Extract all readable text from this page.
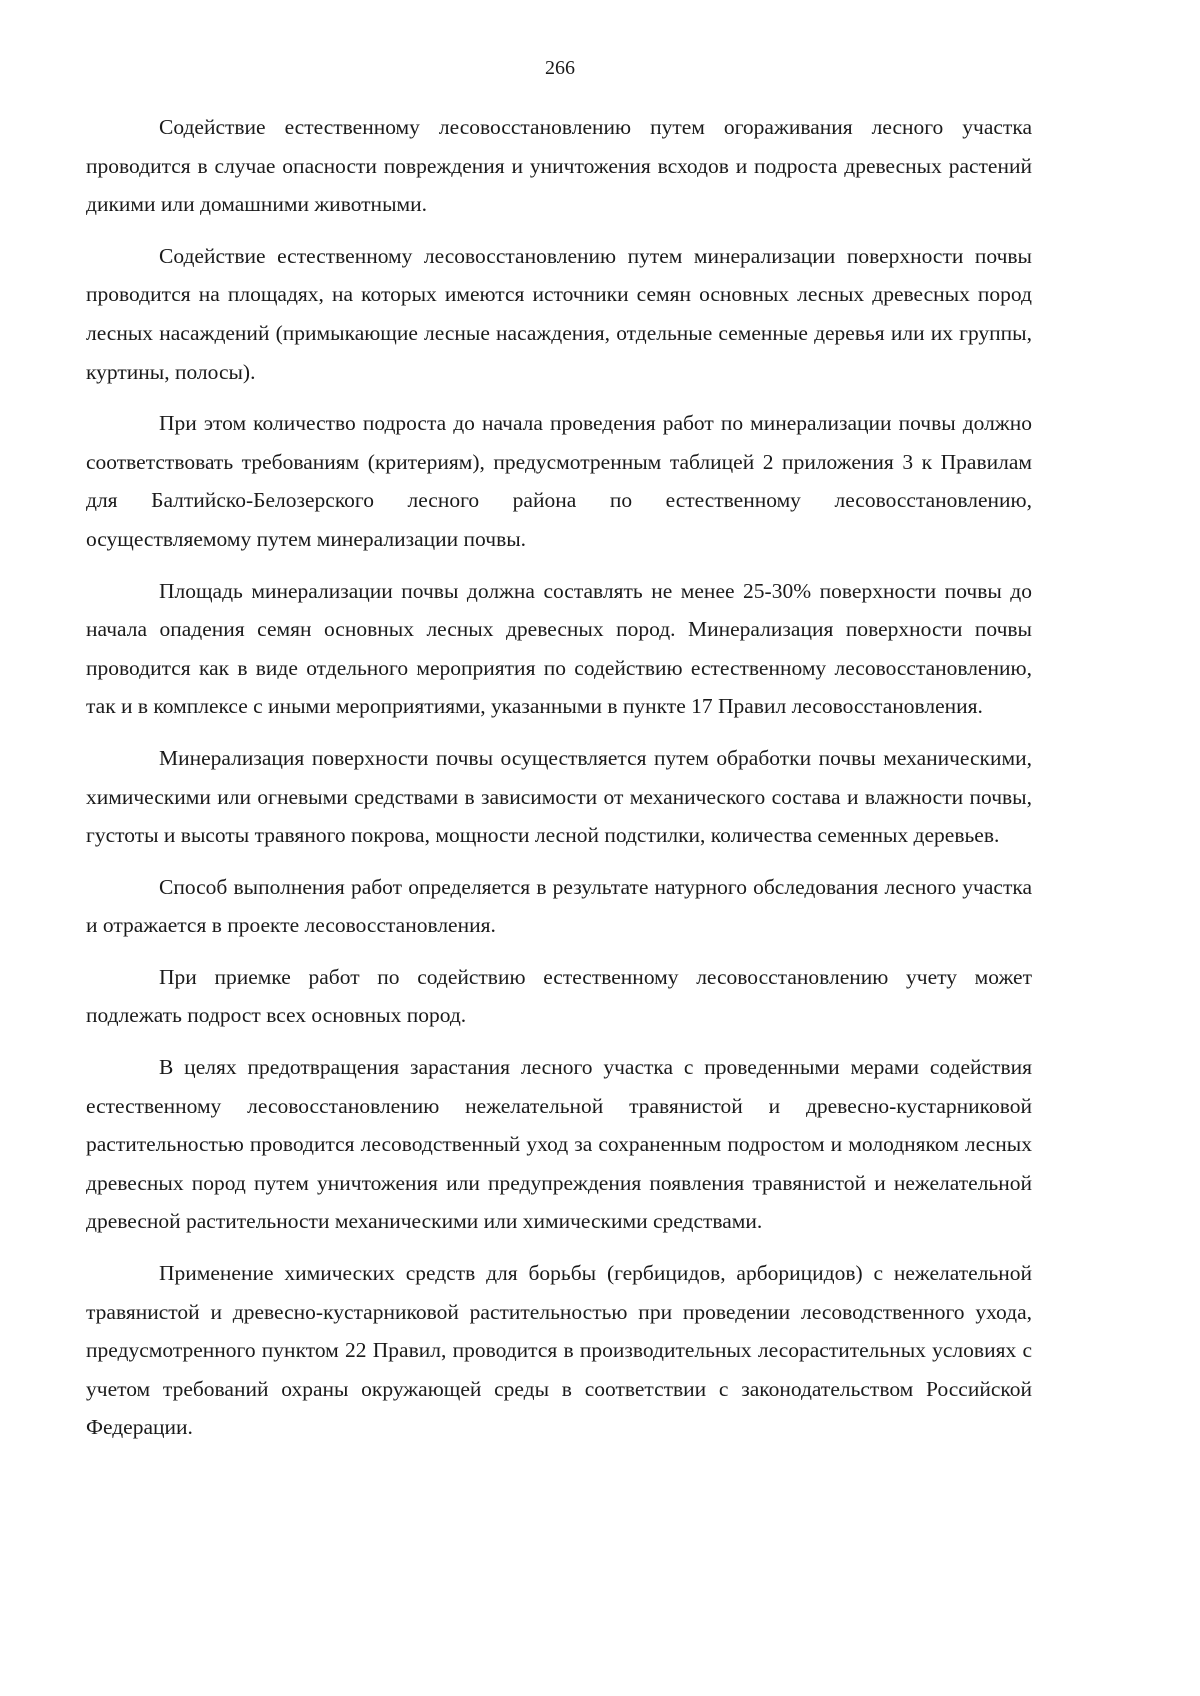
266

Содействие естественному лесовосстановлению путем огораживания лесного участка проводится в случае опасности повреждения и уничтожения всходов и подроста древесных растений дикими или домашними животными.

Содействие естественному лесовосстановлению путем минерализации поверхности почвы проводится на площадях, на которых имеются источники семян основных лесных древесных пород лесных насаждений (примыкающие лесные насаждения, отдельные семенные деревья или их группы, куртины, полосы).

При этом количество подроста до начала проведения работ по минерализации почвы должно соответствовать требованиям (критериям), предусмотренным таблицей 2 приложения 3 к Правилам для Балтийско-Белозерского лесного района по естественному лесовосстановлению, осуществляемому путем минерализации почвы.

Площадь минерализации почвы должна составлять не менее 25-30% поверхности почвы до начала опадения семян основных лесных древесных пород. Минерализация поверхности почвы проводится как в виде отдельного мероприятия по содействию естественному лесовосстановлению, так и в комплексе с иными мероприятиями, указанными в пункте 17 Правил лесовосстановления.

Минерализация поверхности почвы осуществляется путем обработки почвы механическими, химическими или огневыми средствами в зависимости от механического состава и влажности почвы, густоты и высоты травяного покрова, мощности лесной подстилки, количества семенных деревьев.

Способ выполнения работ определяется в результате натурного обследования лесного участка и отражается в проекте лесовосстановления.

При приемке работ по содействию естественному лесовосстановлению учету может подлежать подрост всех основных пород.

В целях предотвращения зарастания лесного участка с проведенными мерами содействия естественному лесовосстановлению нежелательной травянистой и древесно-кустарниковой растительностью проводится лесоводственный уход за сохраненным подростом и молодняком лесных древесных пород путем уничтожения или предупреждения появления травянистой и нежелательной древесной растительности механическими или химическими средствами.

Применение химических средств для борьбы (гербицидов, арборицидов) с нежелательной травянистой и древесно-кустарниковой растительностью при проведении лесоводственного ухода, предусмотренного пунктом 22 Правил, проводится в производительных лесорастительных условиях с учетом требований охраны окружающей среды в соответствии с законодательством Российской Федерации.
